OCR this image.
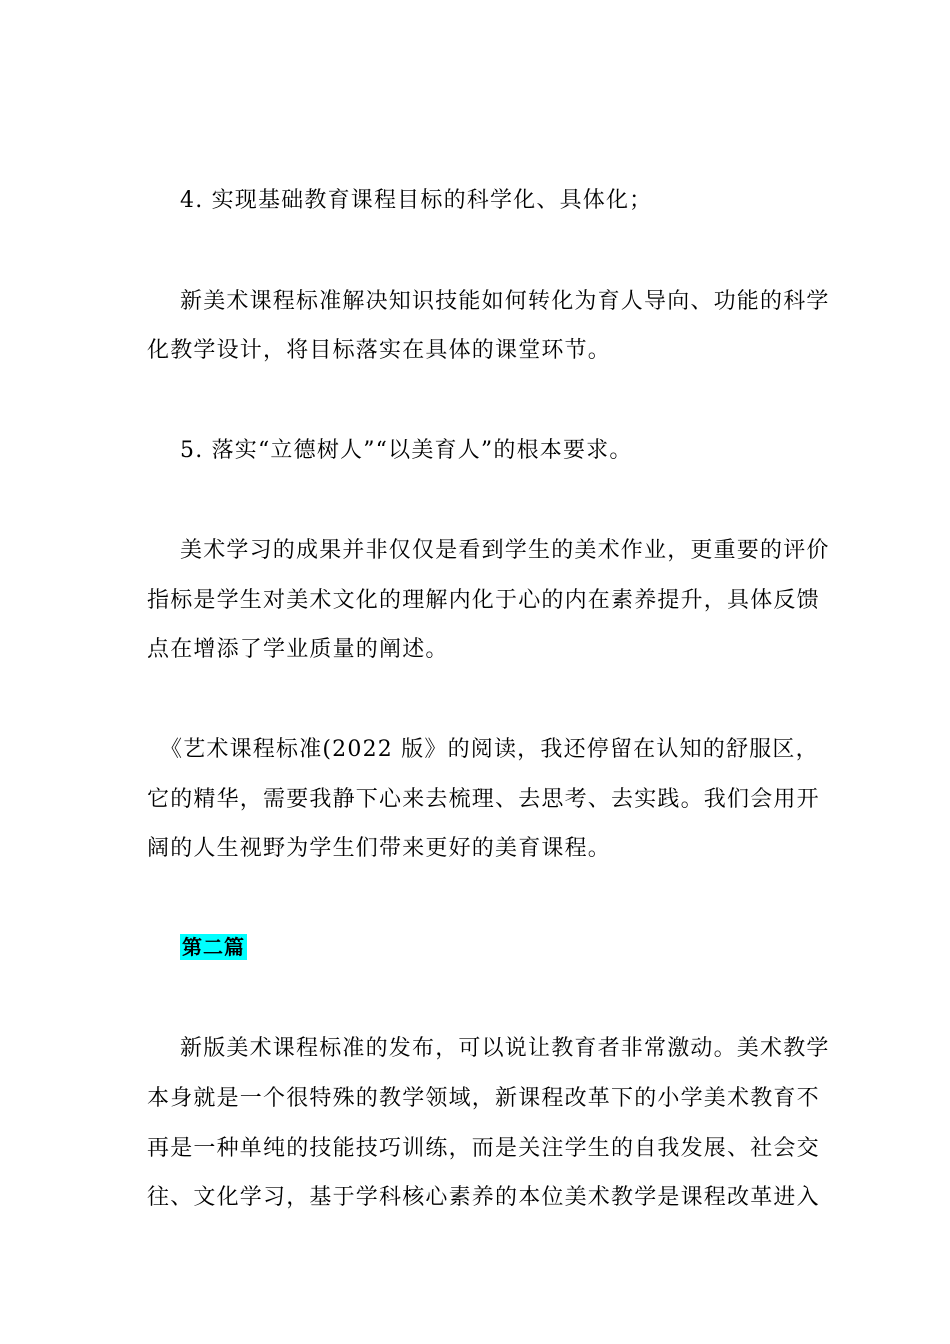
4. 实现基础教育课程目标的科学化、具体化；
新美术课程标准解决知识技能如何转化为育人导向、功能的科学
化教学设计，将目标落实在具体的课堂环节。
5. 落实“立德树人”“以美育人”的根本要求。
美术学习的成果并非仅仅是看到学生的美术作业，更重要的评价
指标是学生对美术文化的理解内化于心的内在素养提升，具体反馈
点在增添了学业质量的阐述。
《艺术课程标准(2022 版》的阅读，我还停留在认知的舒服区，
它的精华，需要我静下心来去梳理、去思考、去实践。我们会用开
阔的人生视野为学生们带来更好的美育课程。
第二篇
新版美术课程标准的发布，可以说让教育者非常激动。美术教学
本身就是一个很特殊的教学领域，新课程改革下的小学美术教育不
再是一种单纯的技能技巧训练，而是关注学生的自我发展、社会交
往、文化学习，基于学科核心素养的本位美术教学是课程改革进入
